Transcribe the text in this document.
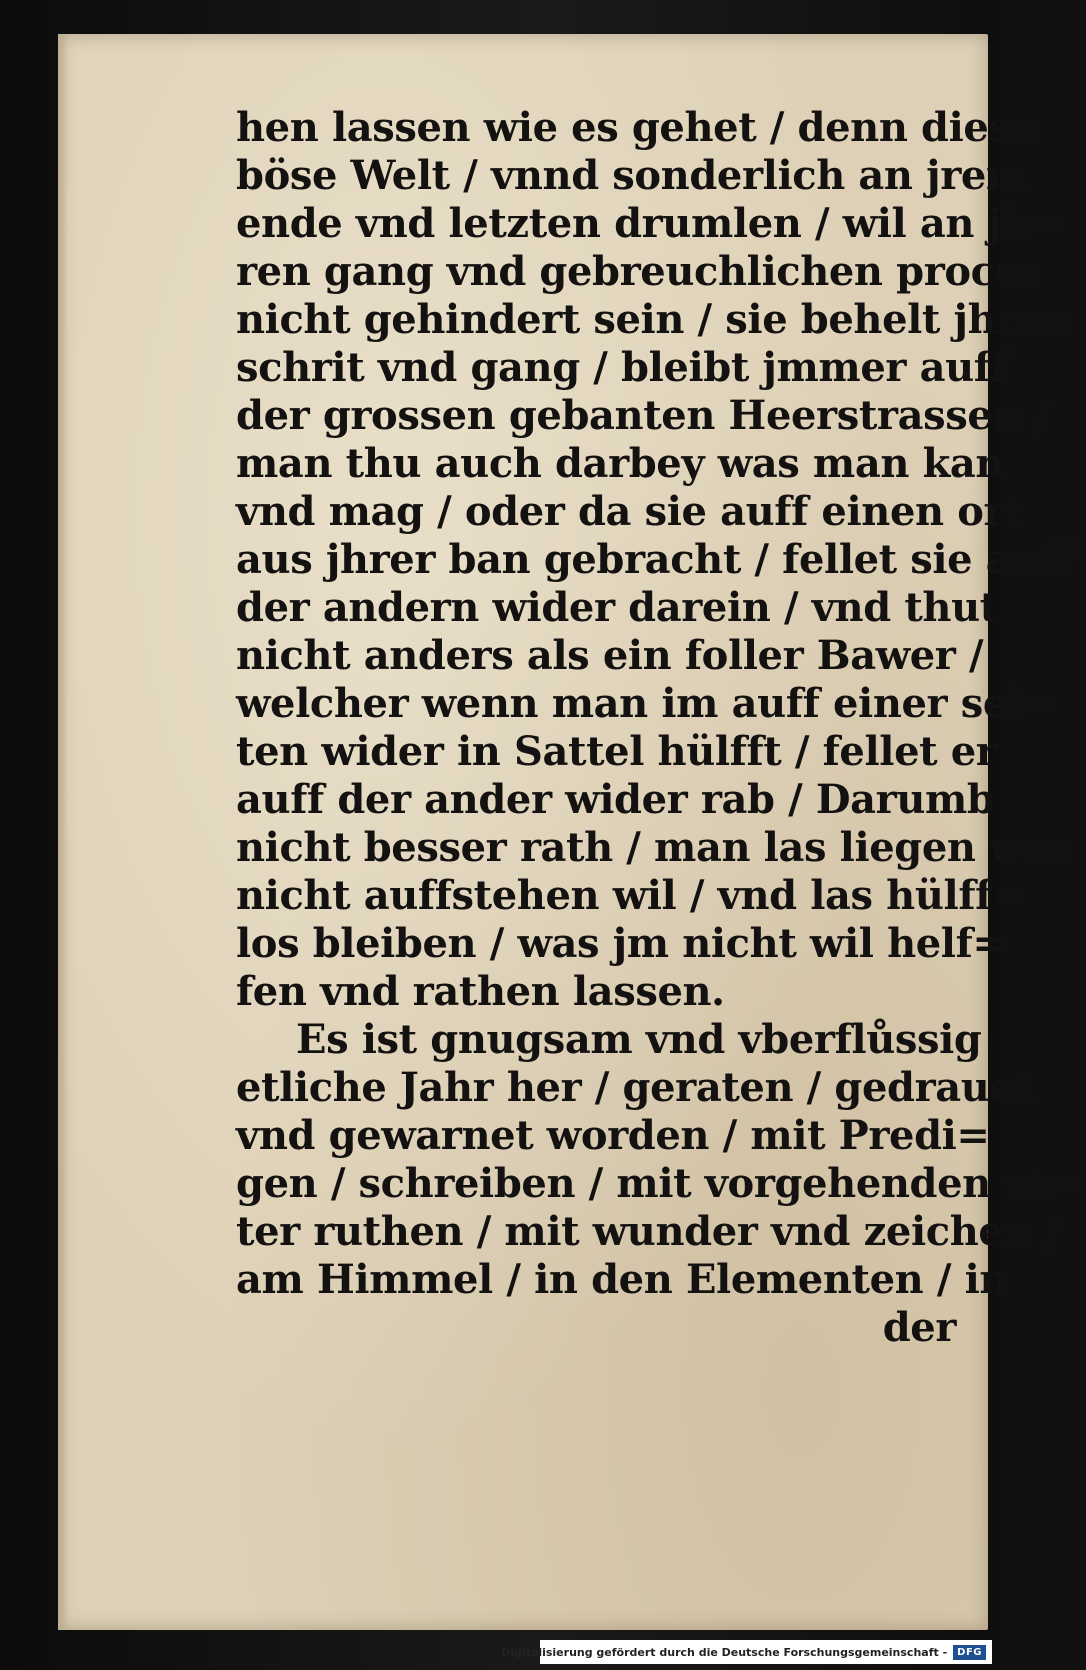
hen lassen wie es gehet / denn diese
böse Welt / vnnd sonderlich an jrem
ende vnd letzten drumlen / wil an jh=
ren gang vnd gebreuchlichen proces
nicht gehindert sein / sie behelt jhren
schrit vnd gang / bleibt jmmer auff
der grossen gebanten Heerstrassen /
man thu auch darbey was man kan
vnd mag / oder da sie auff einen ort
aus jhrer ban gebracht / fellet sie auff
der andern wider darein / vnd thut
nicht anders als ein foller Bawer /
welcher wenn man im auff einer sei=
ten wider in Sattel hülfft / fellet er
auff der ander wider rab / Darumb
nicht besser rath / man las liegen was
nicht auffstehen wil / vnd las hülff=
los bleiben / was jm nicht wil helf=
fen vnd rathen lassen.
Es ist gnugsam vnd vberflůssig
etliche Jahr her / geraten / gedrauet
vnd gewarnet worden / mit Predi=
gen / schreiben / mit vorgehenden va=
ter ruthen / mit wunder vnd zeichen /
am Himmel / in den Elementen / in
der
Digitalisierung gefördert durch die Deutsche Forschungsgemeinschaft -	DFG
